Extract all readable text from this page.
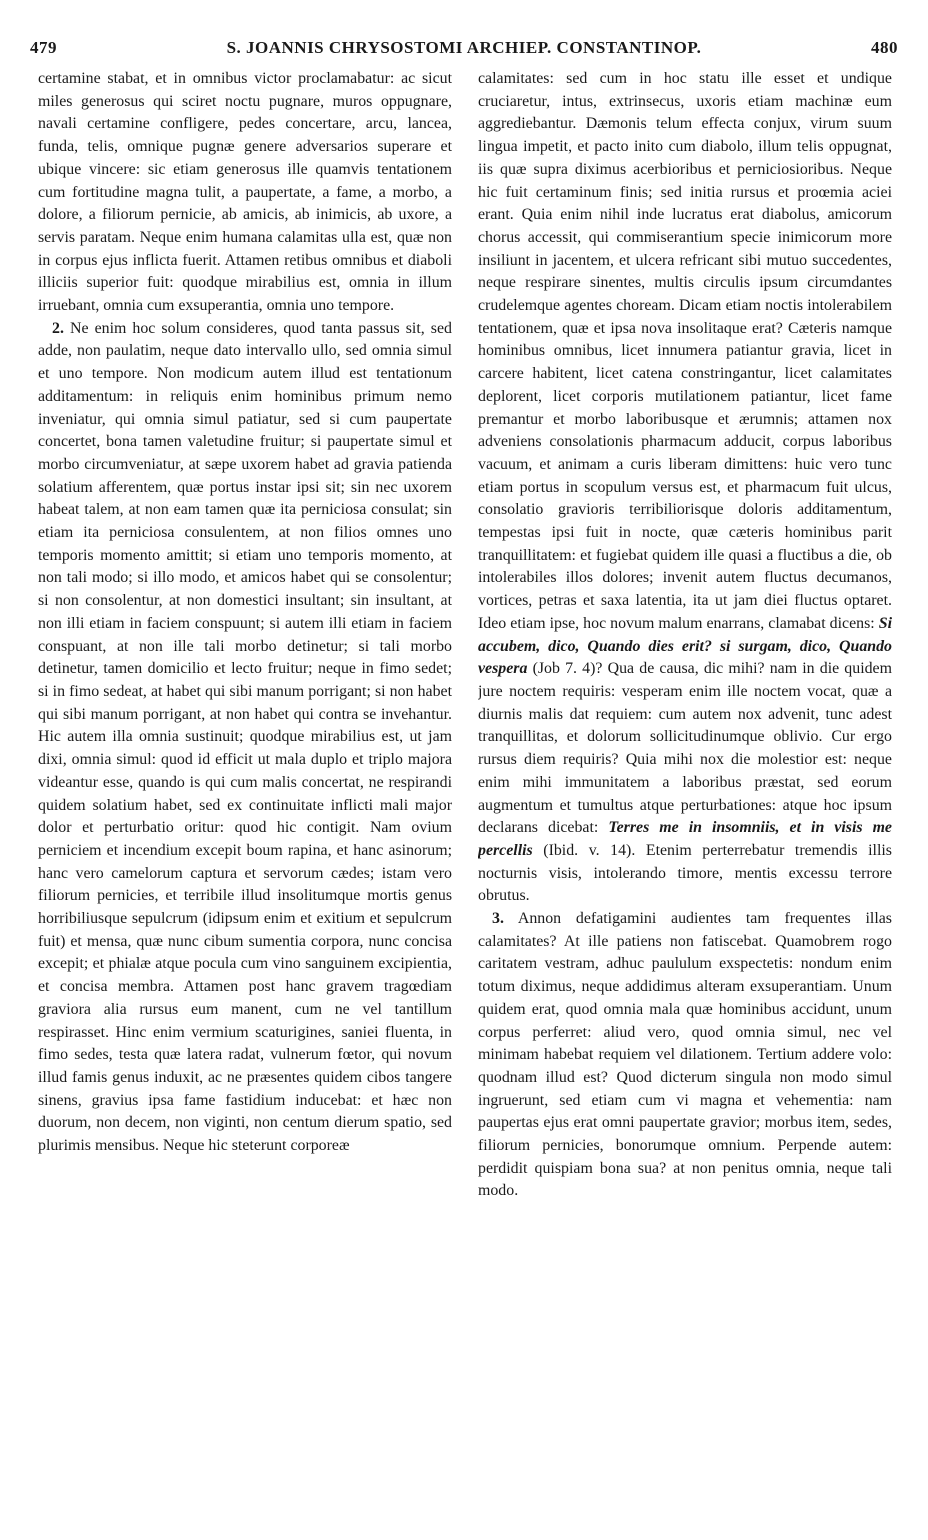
479	S. JOANNIS CHRYSOSTOMI ARCHIEP. CONSTANTINOP.	480

certamine stabat, et in omnibus victor proclamabatur: ac sicut miles generosus qui sciret noctu pugnare, muros oppugnare, navali certamine confligere, pedes concertare, arcu, lancea, funda, telis, omnique pugnæ genere adversarios superare et ubique vincere: sic etiam generosus ille quamvis tentationem cum fortitudine magna tulit, a paupertate, a fame, a morbo, a dolore, a filiorum pernicie, ab amicis, ab inimicis, ab uxore, a servis paratam. Neque enim humana calamitas ulla est, quæ non in corpus ejus inflicta fuerit. Attamen retibus omnibus et diaboli illiciis superior fuit: quodque mirabilius est, omnia in illum irruebant, omnia cum exsuperantia, omnia uno tempore.

2. Ne enim hoc solum consideres, quod tanta passus sit, sed adde, non paulatim, neque dato intervallo ullo, sed omnia simul et uno tempore. Non modicum autem illud est tentationum additamentum: in reliquis enim hominibus primum nemo inveniatur, qui omnia simul patiatur, sed si cum paupertate concertet, bona tamen valetudine fruitur; si paupertate simul et morbo circumveniatur, at sæpe uxorem habet ad gravia patienda solatium afferentem, quæ portus instar ipsi sit; sin nec uxorem habeat talem, at non eam tamen quæ ita perniciosa consulat; sin etiam ita perniciosa consulentem, at non filios omnes uno temporis momento amittit; si etiam uno temporis momento, at non tali modo; si illo modo, et amicos habet qui se consolentur; si non consolentur, at non domestici insultant; sin insultant, at non illi etiam in faciem conspuunt; si autem illi etiam in faciem conspuant, at non ille tali morbo detinetur; si tali morbo detinetur, tamen domicilio et lecto fruitur; neque in fimo sedet; si in fimo sedeat, at habet qui sibi manum porrigant; si non habet qui sibi manum porrigant, at non habet qui contra se invehantur. Hic autem illa omnia sustinuit; quodque mirabilius est, ut jam dixi, omnia simul: quod id efficit ut mala duplo et triplo majora videantur esse, quando is qui cum malis concertat, ne respirandi quidem solatium habet, sed ex continuitate inflicti mali major dolor et perturbatio oritur: quod hic contigit. Nam ovium perniciem et incendium excepit boum rapina, et hanc asinorum; hanc vero camelorum captura et servorum cædes; istam vero filiorum pernicies, et terribile illud insolitumque mortis genus horribiliusque sepulcrum (idipsum enim et exitium et sepulcrum fuit) et mensa, quæ nunc cibum sumentia corpora, nunc concisa excepit; et phialæ atque pocula cum vino sanguinem excipientia, et concisa membra. Attamen post hanc gravem tragœdiam graviora alia rursus eum manent, cum ne vel tantillum respirasset. Hinc enim vermium scaturigines, saniei fluenta, in fimo sedes, testa quæ latera radat, vulnerum fœtor, qui novum illud famis genus induxit, ac ne præsentes quidem cibos tangere sinens, gravius ipsa fame fastidium inducebat: et hæc non duorum, non decem, non viginti, non centum dierum spatio, sed plurimis mensibus. Neque hic steterunt corporeæ

calamitates: sed cum in hoc statu ille esset et undique cruciaretur, intus, extrinsecus, uxoris etiam machinæ eum aggrediebantur. Dæmonis telum effecta conjux, virum suum lingua impetit, et pacto inito cum diabolo, illum telis oppugnat, iis quæ supra diximus acerbioribus et perniciosioribus. Neque hic fuit certaminum finis; sed initia rursus et proœmia aciei erant. Quia enim nihil inde lucratus erat diabolus, amicorum chorus accessit, qui commiserantium specie inimicorum more insiliunt in jacentem, et ulcera refricant sibi mutuo succedentes, neque respirare sinentes, multis circulis ipsum circumdantes crudelemque agentes choream. Dicam etiam noctis intolerabilem tentationem, quæ et ipsa nova insolitaque erat? Cæteris namque hominibus omnibus, licet innumera patiantur gravia, licet in carcere habitent, licet catena constringantur, licet calamitates deplorent, licet corporis mutilationem patiantur, licet fame premantur et morbo laboribusque et ærumnis; attamen nox adveniens consolationis pharmacum adducit, corpus laboribus vacuum, et animam a curis liberam dimittens: huic vero tunc etiam portus in scopulum versus est, et pharmacum fuit ulcus, consolatio gravioris terribiliorisque doloris additamentum, tempestas ipsi fuit in nocte, quæ cæteris hominibus parit tranquillitatem: et fugiebat quidem ille quasi a fluctibus a die, ob intolerabiles illos dolores; invenit autem fluctus decumanos, vortices, petras et saxa latentia, ita ut jam diei fluctus optaret. Ideo etiam ipse, hoc novum malum enarrans, clamabat dicens: Si accubem, dico, Quando dies erit? si surgam, dico, Quando vespera (Job 7. 4)? Qua de causa, dic mihi? nam in die quidem jure noctem requiris: vesperam enim ille noctem vocat, quæ a diurnis malis dat requiem: cum autem nox advenit, tunc adest tranquillitas, et dolorum sollicitudinumque oblivio. Cur ergo rursus diem requiris? Quia mihi nox die molestior est: neque enim mihi immunitatem a laboribus præstat, sed eorum augmentum et tumultus atque perturbationes: atque hoc ipsum declarans dicebat: Terres me in insomniis, et in visis me percellis (Ibid. v. 14). Etenim perterrebatur tremendis illis nocturnis visis, intolerando timore, mentis excessu terrore obrutus.

3. Annon defatigamini audientes tam frequentes illas calamitates? At ille patiens non fatiscebat. Quamobrem rogo caritatem vestram, adhuc paululum exspectetis: nondum enim totum diximus, neque addidimus alteram exsuperantiam. Unum quidem erat, quod omnia mala quæ hominibus accidunt, unum corpus perferret: aliud vero, quod omnia simul, nec vel minimam habebat requiem vel dilationem. Tertium addere volo: quodnam illud est? Quod dicterum singula non modo simul ingruerunt, sed etiam cum vi magna et vehementia: nam paupertas ejus erat omni paupertate gravior; morbus item, sedes, filiorum pernicies, bonorumque omnium. Perpende autem: perdidit quispiam bona sua? at non penitus omnia, neque tali modo.
